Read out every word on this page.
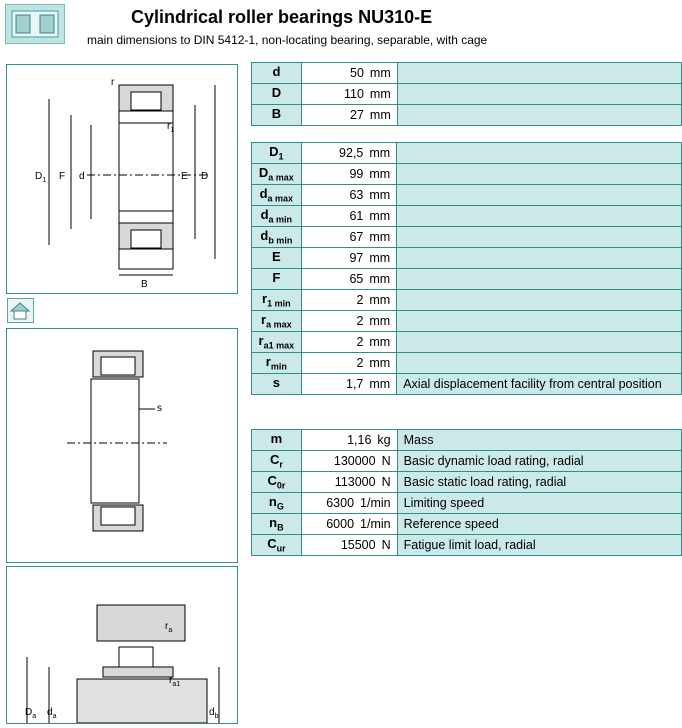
Cylindrical roller bearings NU310-E

main dimensions to DIN 5412-1, non-locating bearing, separable, with cage

r
$r_1$
$D_1$ F d	E D
B
s
$r_a$
$r_{a1}$
$D_a$ $d_a$	$d_b$
d	50 mm	
D	110 mm	
B	27 mm	
$D_1$	92,5 mm	
$D_{a max}$	99 mm	
$d_{a max}$	63 mm	
$d_{a min}$	61 mm	
$d_{b min}$	67 mm	
E	97 mm	
F	65 mm	
$r_{1 min}$	2 mm	
$r_{a max}$	2 mm	
$r_{a1 max}$	2 mm	
$r_{min}$	2 mm	
s	1,7 mm	Axial displacement facility from central position
m	1,16 kg	Mass
$C_r$	130000 N	Basic dynamic load rating, radial
$C_{0r}$	113000 N	Basic static load rating, radial
$n_G$	6300 1/min	Limiting speed
$n_B$	6000 1/min	Reference speed
$C_{ur}$	15500 N	Fatigue limit load, radial
